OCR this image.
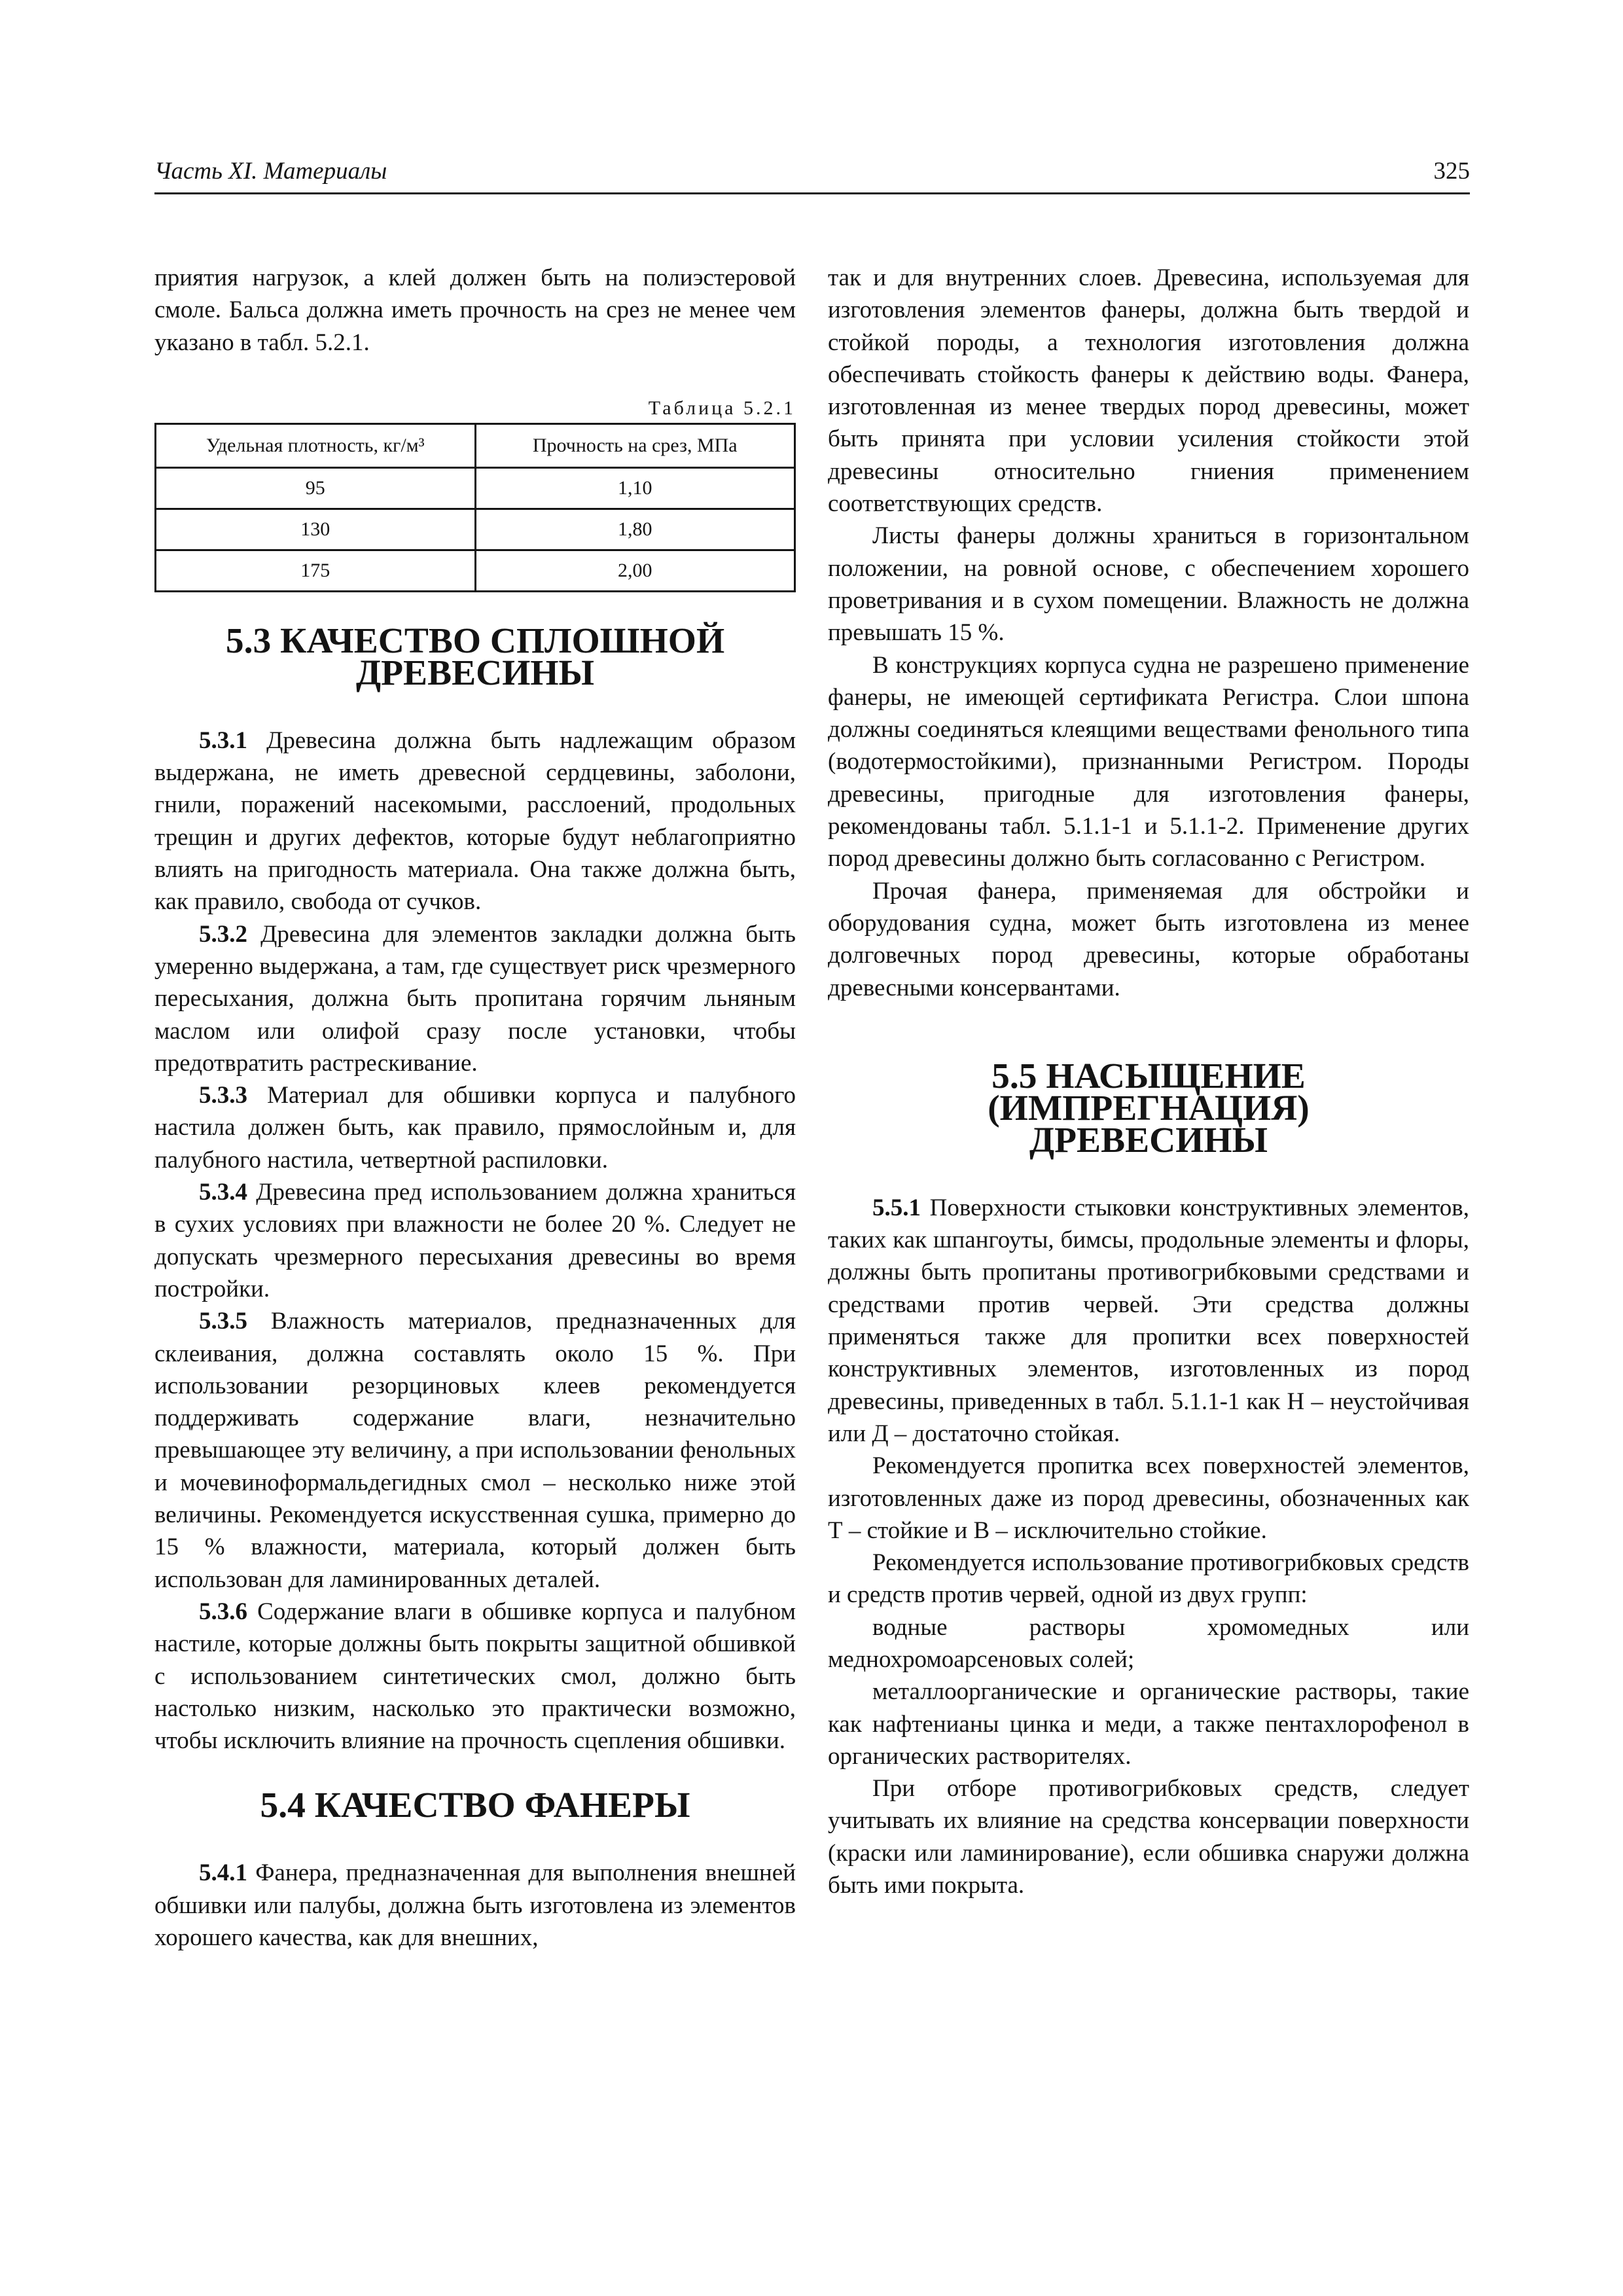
Часть XI. Материалы	325

приятия нагрузок, а клей должен быть на полиэстеровой смоле. Бальса должна иметь прочность на срез не менее чем указано в табл. 5.2.1.

Таблица 5.2.1
Удельная плотность, кг/м³	Прочность на срез, МПа
95	1,10
130	1,80
175	2,00
5.3 КАЧЕСТВО СПЛОШНОЙ ДРЕВЕСИНЫ

5.3.1 Древесина должна быть надлежащим образом выдержана, не иметь древесной сердцевины, заболони, гнили, поражений насекомыми, расслоений, продольных трещин и других дефектов, которые будут неблагоприятно влиять на пригодность материала. Она также должна быть, как правило, свобода от сучков.

5.3.2 Древесина для элементов закладки должна быть умеренно выдержана, а там, где существует риск чрезмерного пересыхания, должна быть пропитана горячим льняным маслом или олифой сразу после установки, чтобы предотвратить растрескивание.

5.3.3 Материал для обшивки корпуса и палубного настила должен быть, как правило, прямослойным и, для палубного настила, четвертной распиловки.

5.3.4 Древесина пред использованием должна храниться в сухих условиях при влажности не более 20 %. Следует не допускать чрезмерного пересыхания древесины во время постройки.

5.3.5 Влажность материалов, предназначенных для склеивания, должна составлять около 15 %. При использовании резорциновых клеев рекомендуется поддерживать содержание влаги, незначительно превышающее эту величину, а при использовании фенольных и мочевиноформальдегидных смол – несколько ниже этой величины. Рекомендуется искусственная сушка, примерно до 15 % влажности, материала, который должен быть использован для ламинированных деталей.

5.3.6 Содержание влаги в обшивке корпуса и палубном настиле, которые должны быть покрыты защитной обшивкой с использованием синтетических смол, должно быть настолько низким, насколько это практически возможно, чтобы исключить влияние на прочность сцепления обшивки.

5.4 КАЧЕСТВО ФАНЕРЫ

5.4.1 Фанера, предназначенная для выполнения внешней обшивки или палубы, должна быть изготовлена из элементов хорошего качества, как для внешних,

так и для внутренних слоев. Древесина, используемая для изготовления элементов фанеры, должна быть твердой и стойкой породы, а технология изготовления должна обеспечивать стойкость фанеры к действию воды. Фанера, изготовленная из менее твердых пород древесины, может быть принята при условии усиления стойкости этой древесины относительно гниения применением соответствующих средств.

Листы фанеры должны храниться в горизонтальном положении, на ровной основе, с обеспечением хорошего проветривания и в сухом помещении. Влажность не должна превышать 15 %.

В конструкциях корпуса судна не разрешено применение фанеры, не имеющей сертификата Регистра. Слои шпона должны соединяться клеящими веществами фенольного типа (водотермостойкими), признанными Регистром. Породы древесины, пригодные для изготовления фанеры, рекомендованы табл. 5.1.1-1 и 5.1.1-2. Применение других пород древесины должно быть согласованно с Регистром.

Прочая фанера, применяемая для обстройки и оборудования судна, может быть изготовлена из менее долговечных пород древесины, которые обработаны древесными консервантами.

5.5 НАСЫЩЕНИЕ (ИМПРЕГНАЦИЯ)
ДРЕВЕСИНЫ

5.5.1 Поверхности стыковки конструктивных элементов, таких как шпангоуты, бимсы, продольные элементы и флоры, должны быть пропитаны противогрибковыми средствами и средствами против червей. Эти средства должны применяться также для пропитки всех поверхностей конструктивных элементов, изготовленных из пород древесины, приведенных в табл. 5.1.1-1 как Н – неустойчивая или Д – достаточно стойкая.

Рекомендуется пропитка всех поверхностей элементов, изготовленных даже из пород древесины, обозначенных как Т – стойкие и В – исключительно стойкие.

Рекомендуется использование противогрибковых средств и средств против червей, одной из двух групп:

водные растворы хромомедных или меднохромоарсеновых солей;

металлоорганические и органические растворы, такие как нафтенианы цинка и меди, а также пентахлорофенол в органических растворителях.

При отборе противогрибковых средств, следует учитывать их влияние на средства консервации поверхности (краски или ламинирование), если обшивка снаружи должна быть ими покрыта.
